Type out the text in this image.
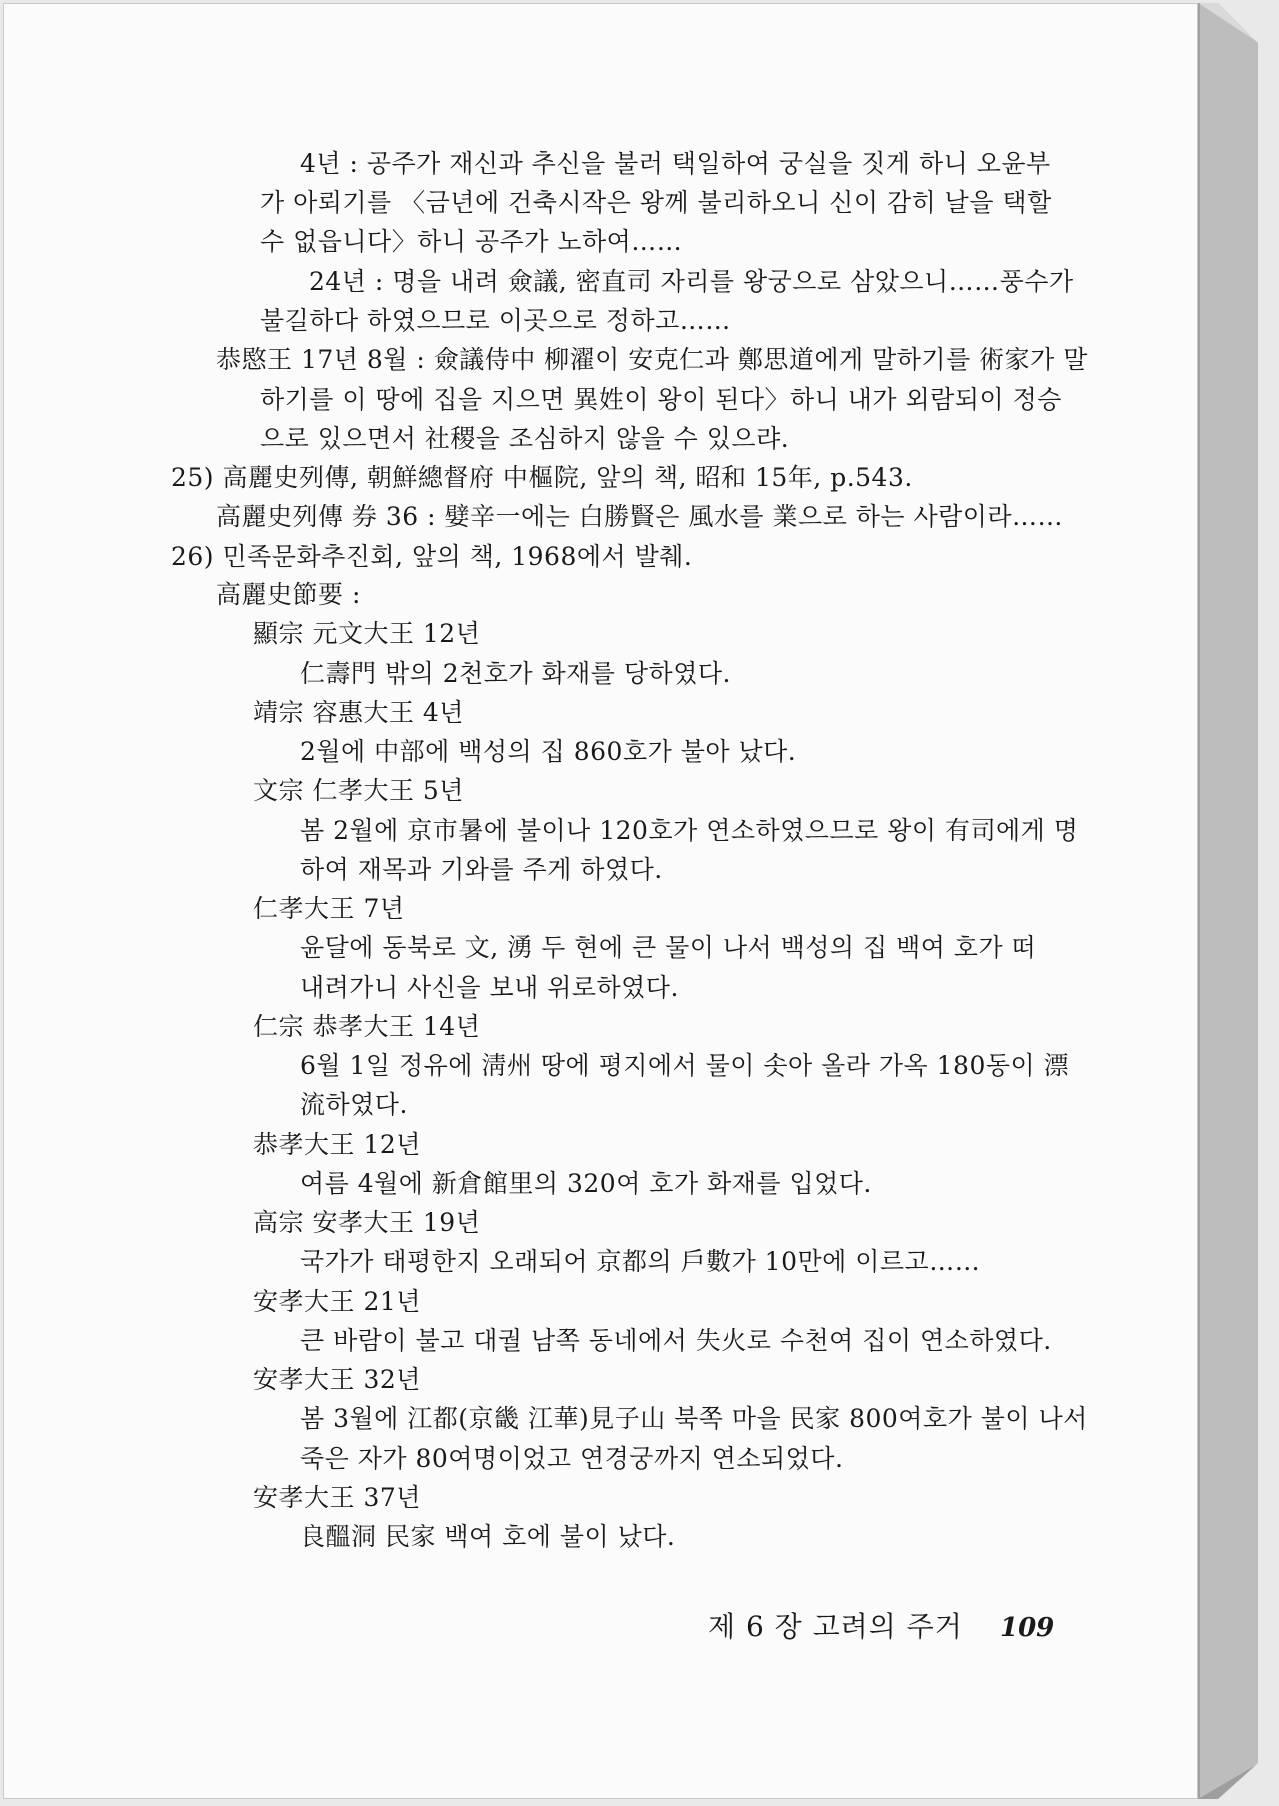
4년 : 공주가 재신과 추신을 불러 택일하여 궁실을 짓게 하니 오윤부
가 아뢰기를 〈금년에 건축시작은 왕께 불리하오니 신이 감히 날을 택할
수 없읍니다〉하니 공주가 노하여……
24년 : 명을 내려 僉議, 密直司 자리를 왕궁으로 삼았으니……풍수가
불길하다 하였으므로 이곳으로 정하고……
恭愍王 17년 8월 : 僉議侍中 柳濯이 安克仁과 鄭思道에게 말하기를 術家가 말
하기를 이 땅에 집을 지으면 異姓이 왕이 된다〉하니 내가 외람되이 정승
으로 있으면서 社稷을 조심하지 않을 수 있으랴.
25) 高麗史列傳, 朝鮮總督府 中樞院, 앞의 책, 昭和 15年, p.543.
高麗史列傳 券 36 : 嬖辛一에는 白勝賢은 風水를 業으로 하는 사람이라……
26) 민족문화추진회, 앞의 책, 1968에서 발췌.
高麗史節要 :
顯宗 元文大王 12년
仁壽門 밖의 2천호가 화재를 당하였다.
靖宗 容惠大王 4년
2월에 中部에 백성의 집 860호가 불아 났다.
文宗 仁孝大王 5년
봄 2월에 京市暑에 불이나 120호가 연소하였으므로 왕이 有司에게 명
하여 재목과 기와를 주게 하였다.
仁孝大王 7년
윤달에 동북로 文, 湧 두 현에 큰 물이 나서 백성의 집 백여 호가 떠
내려가니 사신을 보내 위로하였다.
仁宗 恭孝大王 14년
6월 1일 정유에 淸州 땅에 평지에서 물이 솟아 올라 가옥 180동이 漂
流하였다.
恭孝大王 12년
여름 4월에 新倉館里의 320여 호가 화재를 입었다.
高宗 安孝大王 19년
국가가 태평한지 오래되어 京都의 戶數가 10만에 이르고……
安孝大王 21년
큰 바람이 불고 대궐 남쪽 동네에서 失火로 수천여 집이 연소하였다.
安孝大王 32년
봄 3월에 江都(京畿 江華)見子山 북쪽 마을 民家 800여호가 불이 나서
죽은 자가 80여명이었고 연경궁까지 연소되었다.
安孝大王 37년
良醞洞 民家 백여 호에 불이 났다.
제 6 장 고려의 주거 109
